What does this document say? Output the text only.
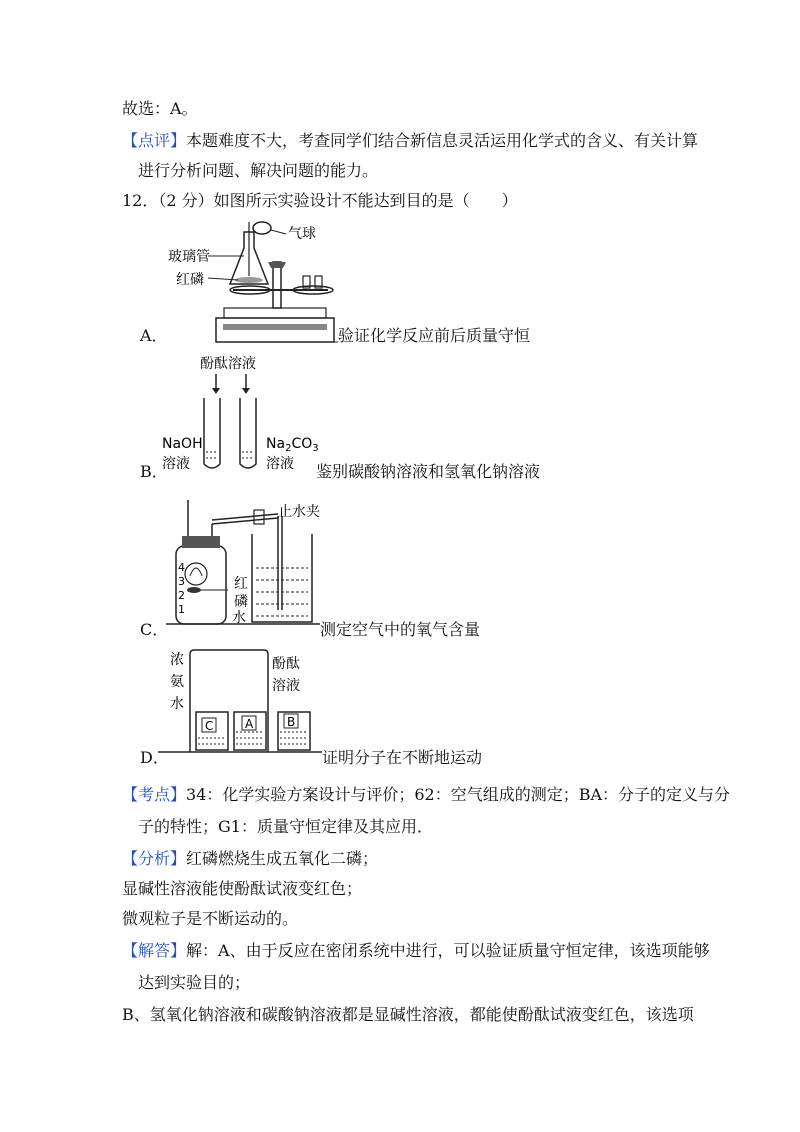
故选：A。
【点评】本题难度不大，考查同学们结合新信息灵活运用化学式的含义、有关计算
进行分析问题、解决问题的能力。
12．（2 分）如图所示实验设计不能达到目的是（　　）
A．
气球
玻璃管
红磷
验证化学反应前后质量守恒
B．
酚酞溶液
NaOH
溶液
$Na_2CO_3$
溶液 鉴别碳酸钠溶液和氢氧化钠溶液
C．
4
3
2
1
止水夹
红
磷
水
测定空气中的氧气含量
D．
C	A	B
浓
氨
水
酚酞
溶液
证明分子在不断地运动
【考点】34：化学实验方案设计与评价；62：空气组成的测定；BA：分子的定义与分
子的特性；G1：质量守恒定律及其应用．
【分析】红磷燃烧生成五氧化二磷；
显碱性溶液能使酚酞试液变红色；
微观粒子是不断运动的。
【解答】解：A、由于反应在密闭系统中进行，可以验证质量守恒定律，该选项能够
达到实验目的；
B、氢氧化钠溶液和碳酸钠溶液都是显碱性溶液，都能使酚酞试液变红色，该选项
